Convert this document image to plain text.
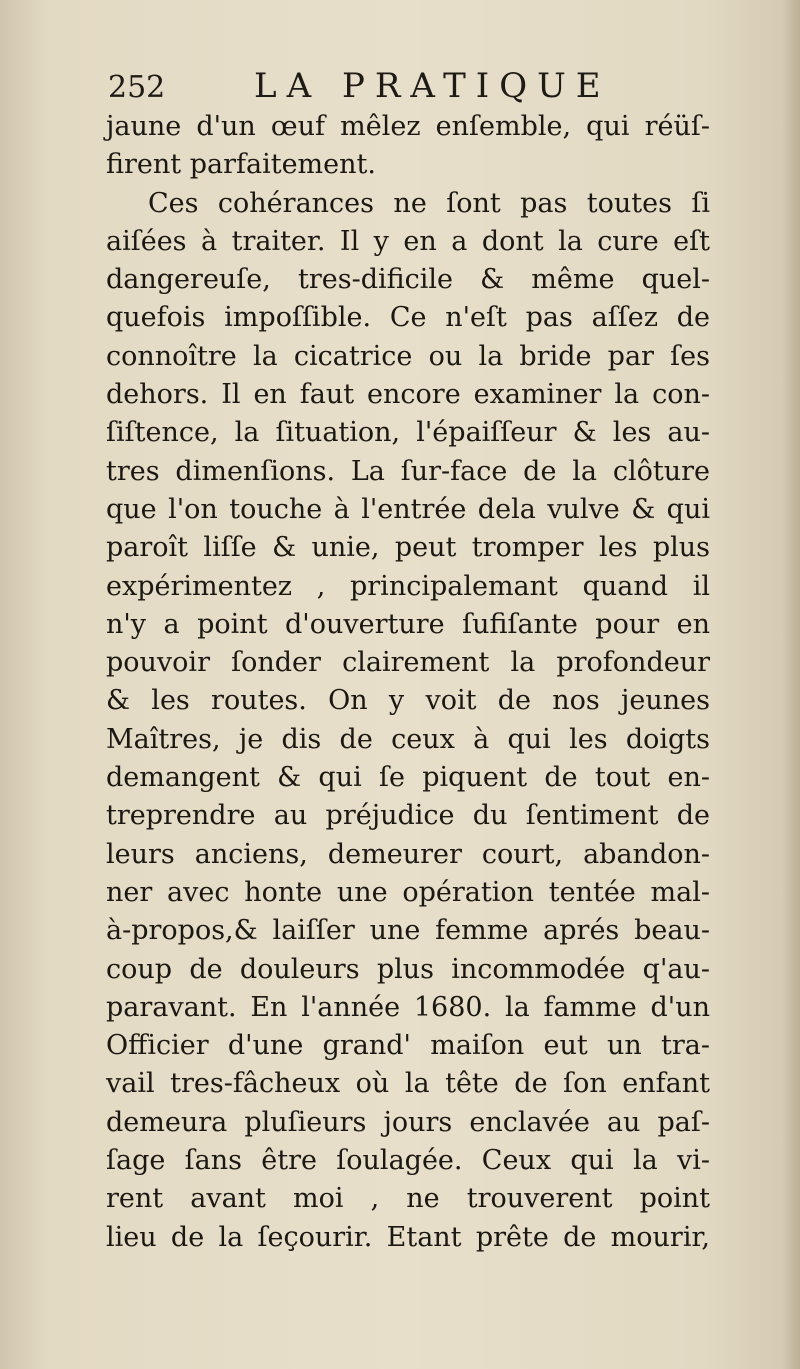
252	LA PRATIQUE
jaune d'un œuf mêlez enſemble, qui réüſ-
firent parfaitement.
Ces cohérances ne ſont pas toutes ſi
aiſées à traiter. Il y en a dont la cure eſt
dangereuſe, tres-dificile & même quel-
quefois impoſſible. Ce n'eſt pas aſſez de
connoître la cicatrice ou la bride par ſes
dehors. Il en faut encore examiner la con-
ſiſtence, la ſituation, l'épaiſſeur & les au-
tres dimenſions. La ſur-face de la clôture
que l'on touche à l'entrée dela vulve & qui
paroît liſſe & unie, peut tromper les plus
expérimentez , principalemant quand il
n'y a point d'ouverture ſufiſante pour en
pouvoir ſonder clairement la profondeur
& les routes. On y voit de nos jeunes
Maîtres, je dis de ceux à qui les doigts
demangent & qui ſe piquent de tout en-
treprendre au préjudice du ſentiment de
leurs anciens, demeurer court, abandon-
ner avec honte une opération tentée mal-
à-propos,& laiſſer une femme aprés beau-
coup de douleurs plus incommodée q'au-
paravant. En l'année 1680. la famme d'un
Officier d'une grand' maiſon eut un tra-
vail tres-fâcheux où la tête de ſon enfant
demeura pluſieurs jours enclavée au paſ-
ſage ſans être ſoulagée. Ceux qui la vi-
rent avant moi , ne trouverent point
lieu de la ſeçourir. Etant prête de mourir,
